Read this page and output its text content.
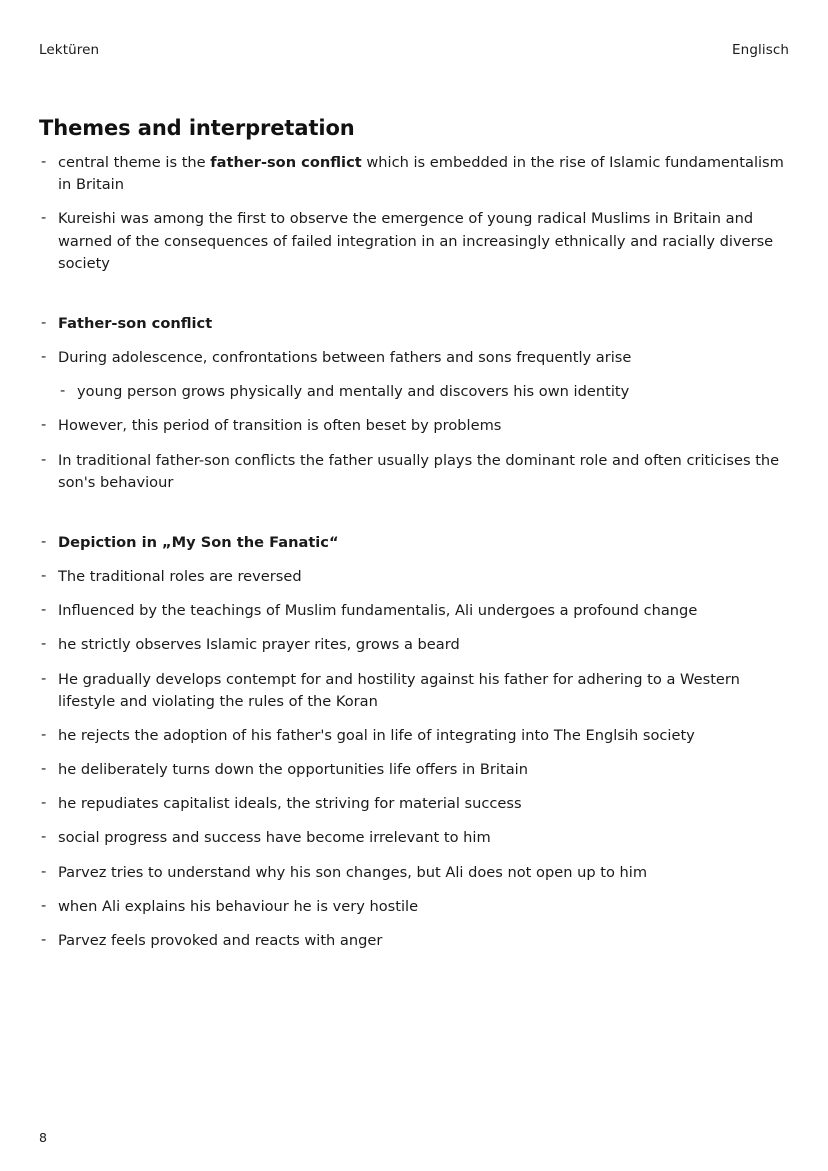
Lektüren	Englisch
Themes and interpretation
- central theme is the father-son conflict which is embedded in the rise of Islamic fundamentalism in Britain
- Kureishi was among the first to observe the emergence of young radical Muslims in Britain and warned of the consequences of failed integration in an increasingly ethnically and racially diverse society
- Father-son conflict
- During adolescence, confrontations between fathers and sons frequently arise
- young person grows physically and mentally and discovers his own identity
- However, this period of transition is often beset by problems
- In traditional father-son conflicts the father usually plays the dominant role and often criticises the son's behaviour
- Depiction in „My Son the Fanatic“
- The traditional roles are reversed
- Influenced by the teachings of Muslim fundamentalis, Ali undergoes a profound change
- he strictly observes Islamic prayer rites, grows a beard
- He gradually develops contempt for and hostility against his father for adhering to a Western lifestyle and violating the rules of the Koran
- he rejects the adoption of his father's goal in life of integrating into The Englsih society
- he deliberately turns down the opportunities life offers in Britain
- he repudiates capitalist ideals, the striving for material success
- social progress and success have become irrelevant to him
- Parvez tries to understand why his son changes, but Ali does not open up to him
- when Ali explains his behaviour he is very hostile
- Parvez feels provoked and reacts with anger
8
